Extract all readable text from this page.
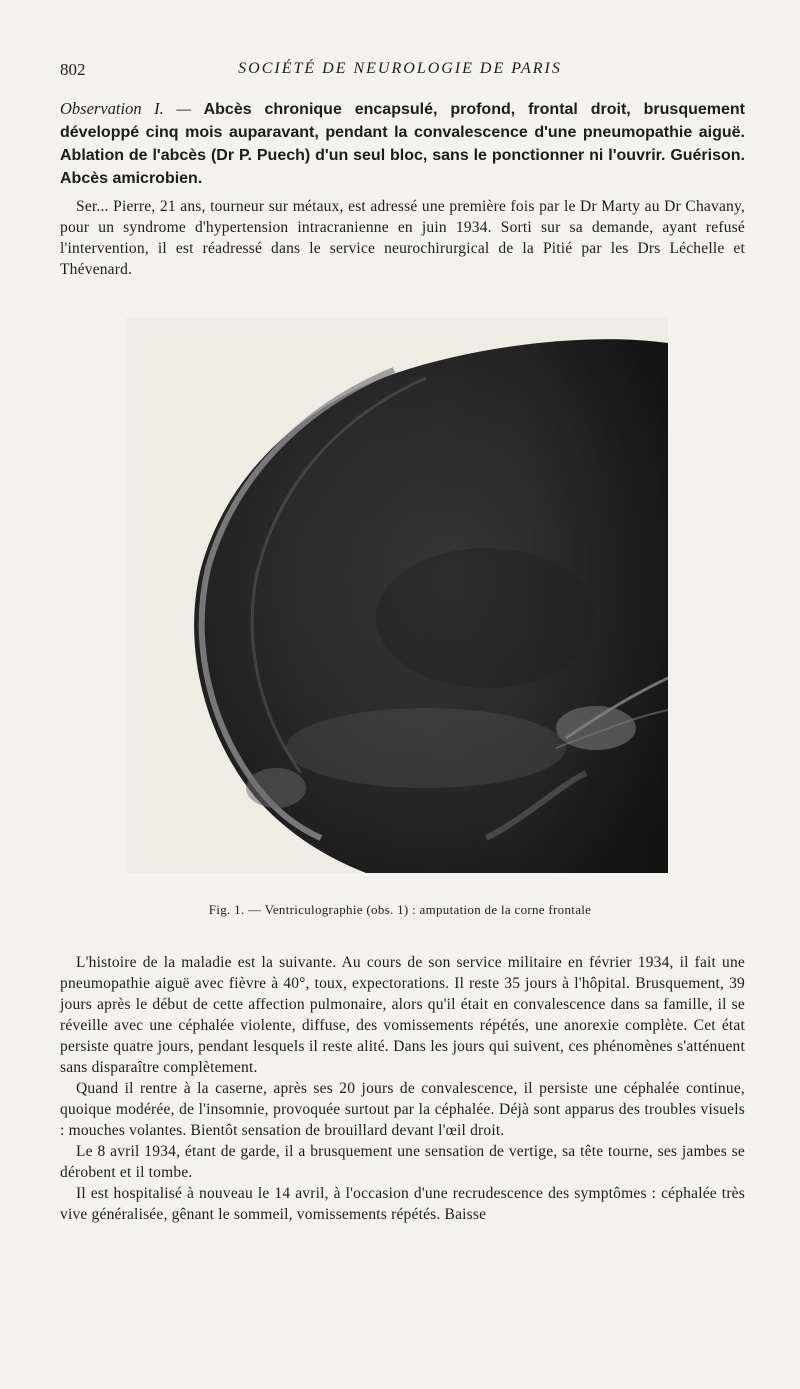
802	SOCIÉTÉ DE NEUROLOGIE DE PARIS
Observation I. — Abcès chronique encapsulé, profond, frontal droit, brusquement développé cinq mois auparavant, pendant la convalescence d'une pneumopathie aiguë. Ablation de l'abcès (Dr P. Puech) d'un seul bloc, sans le ponctionner ni l'ouvrir. Guérison. Abcès amicrobien.

Ser... Pierre, 21 ans, tourneur sur métaux, est adressé une première fois par le Dr Marty au Dr Chavany, pour un syndrome d'hypertension intracranienne en juin 1934. Sorti sur sa demande, ayant refusé l'intervention, il est réadressé dans le service neurochirurgical de la Pitié par les Drs Léchelle et Thévenard.

Fig. 1. — Ventriculographie (obs. 1) : amputation de la corne frontale

L'histoire de la maladie est la suivante. Au cours de son service militaire en février 1934, il fait une pneumopathie aiguë avec fièvre à 40°, toux, expectorations. Il reste 35 jours à l'hôpital. Brusquement, 39 jours après le début de cette affection pulmonaire, alors qu'il était en convalescence dans sa famille, il se réveille avec une céphalée violente, diffuse, des vomissements répétés, une anorexie complète. Cet état persiste quatre jours, pendant lesquels il reste alité. Dans les jours qui suivent, ces phénomènes s'atténuent sans disparaître complètement.

Quand il rentre à la caserne, après ses 20 jours de convalescence, il persiste une céphalée continue, quoique modérée, de l'insomnie, provoquée surtout par la céphalée. Déjà sont apparus des troubles visuels : mouches volantes. Bientôt sensation de brouillard devant l'œil droit.

Le 8 avril 1934, étant de garde, il a brusquement une sensation de vertige, sa tête tourne, ses jambes se dérobent et il tombe.

Il est hospitalisé à nouveau le 14 avril, à l'occasion d'une recrudescence des symptômes : céphalée très vive généralisée, gênant le sommeil, vomissements répétés. Baisse
